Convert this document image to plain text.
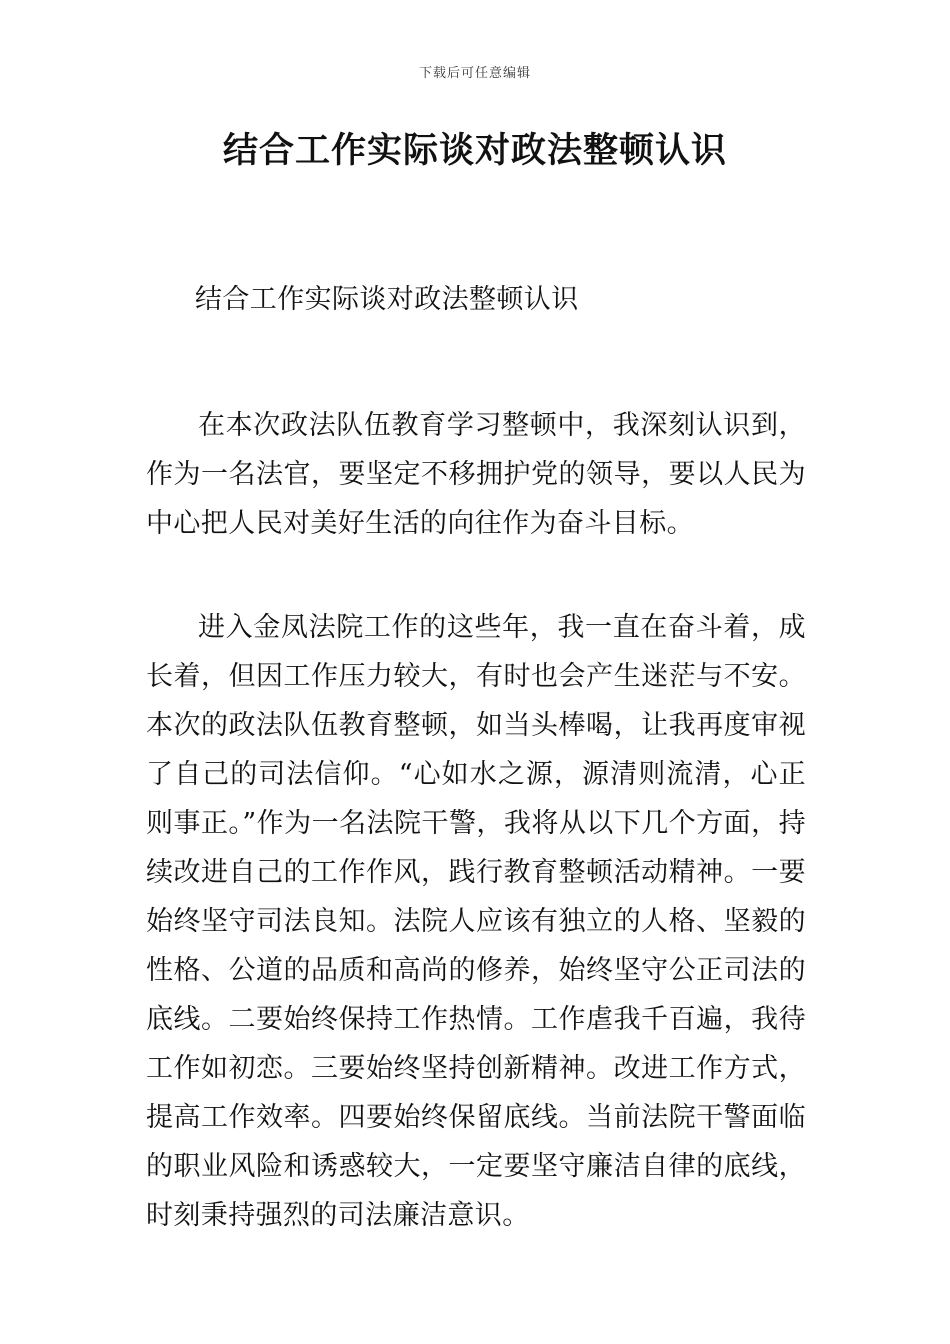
下载后可任意编辑
结合工作实际谈对政法整顿认识
结合工作实际谈对政法整顿认识

在本次政法队伍教育学习整顿中，我深刻认识到，作为一名法官，要坚定不移拥护党的领导，要以人民为中心把人民对美好生活的向往作为奋斗目标。

进入金凤法院工作的这些年，我一直在奋斗着，成长着，但因工作压力较大，有时也会产生迷茫与不安。本次的政法队伍教育整顿，如当头棒喝，让我再度审视了自己的司法信仰。“心如水之源，源清则流清，心正则事正。”作为一名法院干警，我将从以下几个方面，持续改进自己的工作作风，践行教育整顿活动精神。一要始终坚守司法良知。法院人应该有独立的人格、坚毅的性格、公道的品质和高尚的修养，始终坚守公正司法的底线。二要始终保持工作热情。工作虐我千百遍，我待工作如初恋。三要始终坚持创新精神。改进工作方式，提高工作效率。四要始终保留底线。当前法院干警面临的职业风险和诱惑较大，一定要坚守廉洁自律的底线，时刻秉持强烈的司法廉洁意识。
